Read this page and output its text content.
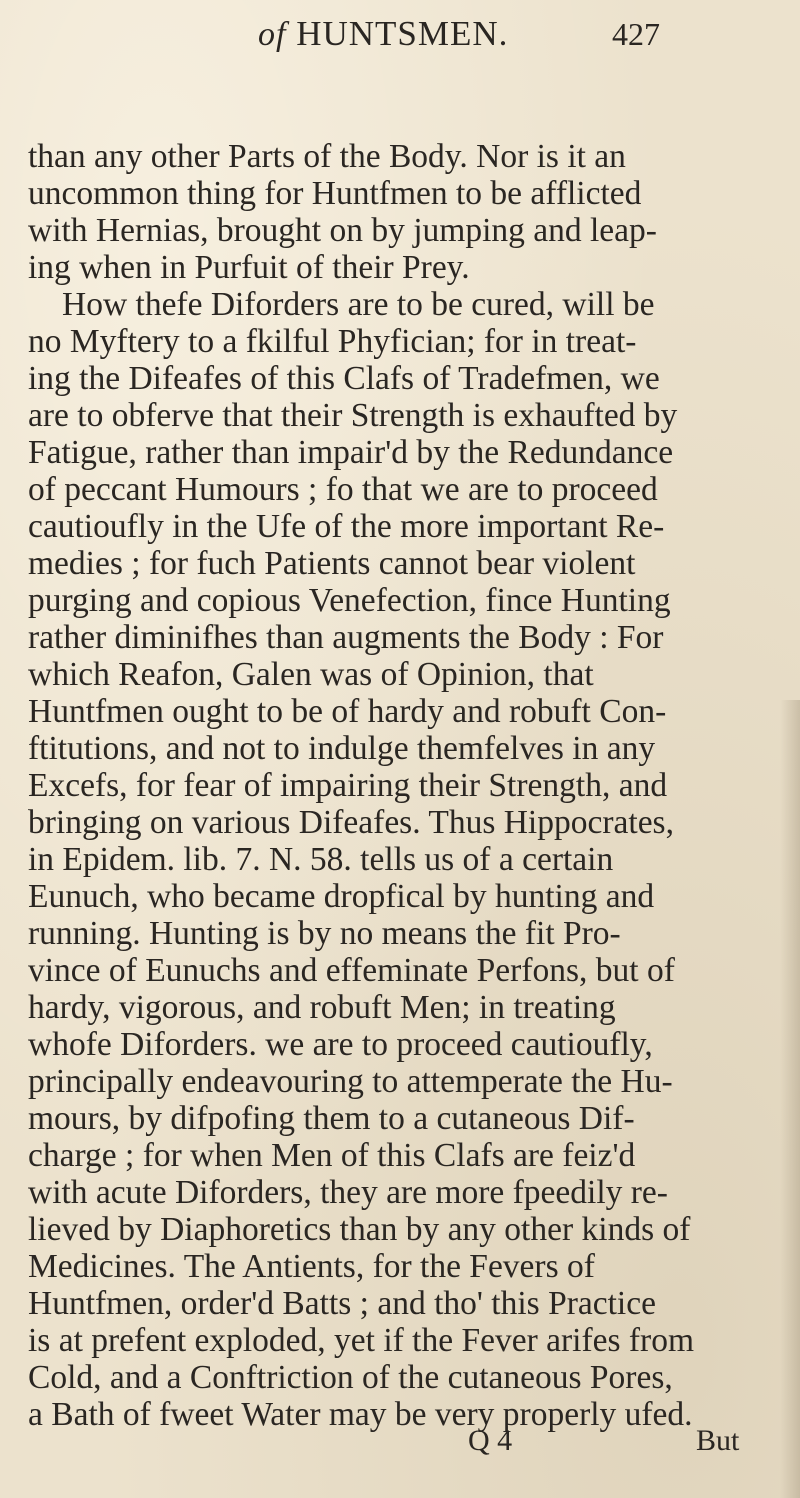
of HUNTSMEN.	427
than any other Parts of the Body. Nor is it an
uncommon thing for Huntfmen to be afflicted
with Hernias, brought on by jumping and leap-
ing when in Purfuit of their Prey.
How thefe Diforders are to be cured, will be
no Myftery to a fkilful Phyfician; for in treat-
ing the Difeafes of this Clafs of Tradefmen, we
are to obferve that their Strength is exhaufted by
Fatigue, rather than impair'd by the Redundance
of peccant Humours ; fo that we are to proceed
cautioufly in the Ufe of the more important Re-
medies ; for fuch Patients cannot bear violent
purging and copious Venefection, fince Hunting
rather diminifhes than augments the Body : For
which Reafon, Galen was of Opinion, that
Huntfmen ought to be of hardy and robuft Con-
ftitutions, and not to indulge themfelves in any
Excefs, for fear of impairing their Strength, and
bringing on various Difeafes. Thus Hippocrates,
in Epidem. lib. 7. N. 58. tells us of a certain
Eunuch, who became dropfical by hunting and
running. Hunting is by no means the fit Pro-
vince of Eunuchs and effeminate Perfons, but of
hardy, vigorous, and robuft Men; in treating
whofe Diforders. we are to proceed cautioufly,
principally endeavouring to attemperate the Hu-
mours, by difpofing them to a cutaneous Dif-
charge ; for when Men of this Clafs are feiz'd
with acute Diforders, they are more fpeedily re-
lieved by Diaphoretics than by any other kinds of
Medicines. The Antients, for the Fevers of
Huntfmen, order'd Batts ; and tho' this Practice
is at prefent exploded, yet if the Fever arifes from
Cold, and a Conftriction of the cutaneous Pores,
a Bath of fweet Water may be very properly ufed.
Q 4	But
